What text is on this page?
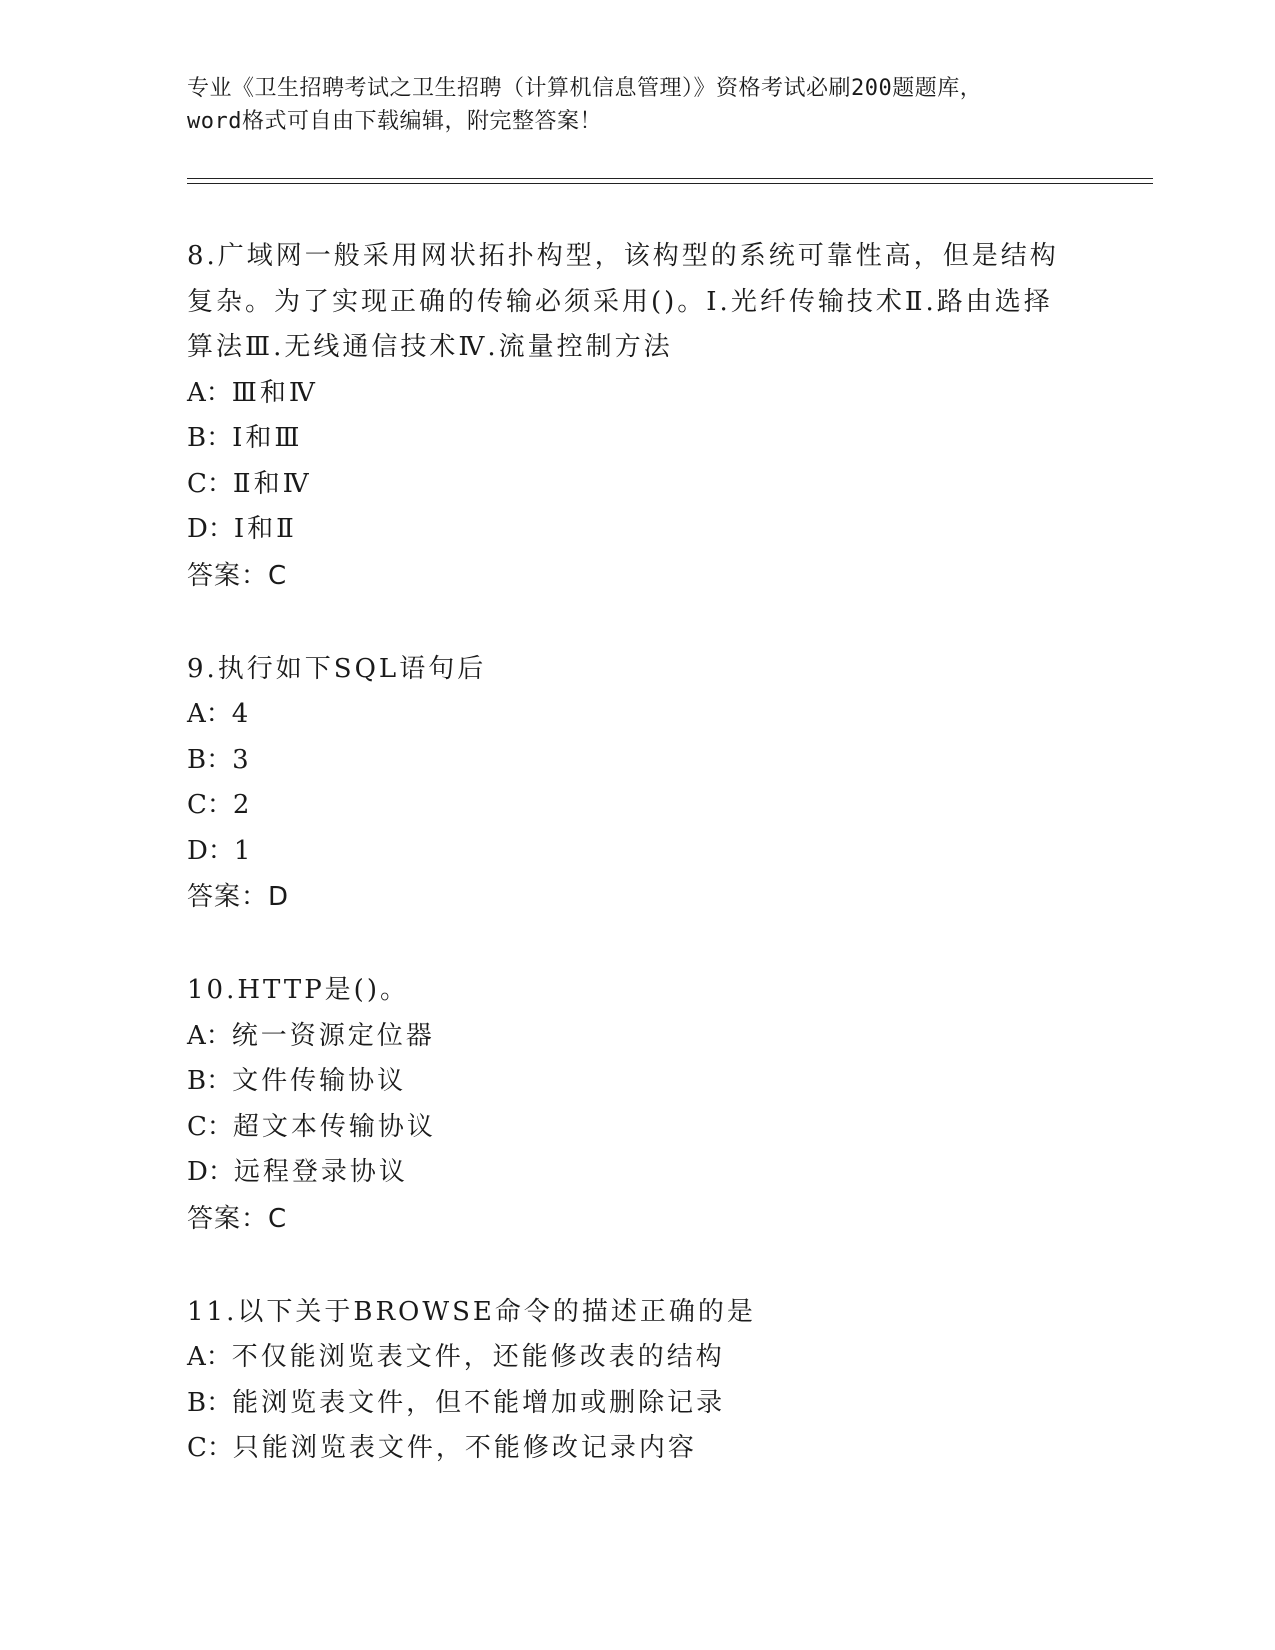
专业《卫生招聘考试之卫生招聘（计算机信息管理）》资格考试必刷200题题库，
word格式可自由下载编辑，附完整答案！
8.广域网一般采用网状拓扑构型，该构型的系统可靠性高，但是结构复杂。为了实现正确的传输必须采用()。Ⅰ.光纤传输技术Ⅱ.路由选择算法Ⅲ.无线通信技术Ⅳ.流量控制方法
A：Ⅲ和Ⅳ
B：Ⅰ和Ⅲ
C：Ⅱ和Ⅳ
D：Ⅰ和Ⅱ
答案：C
9.执行如下SQL语句后
A：4
B：3
C：2
D：1
答案：D
10.HTTP是()。
A：统一资源定位器
B：文件传输协议
C：超文本传输协议
D：远程登录协议
答案：C
11.以下关于BROWSE命令的描述正确的是
A：不仅能浏览表文件，还能修改表的结构
B：能浏览表文件，但不能增加或删除记录
C：只能浏览表文件，不能修改记录内容
